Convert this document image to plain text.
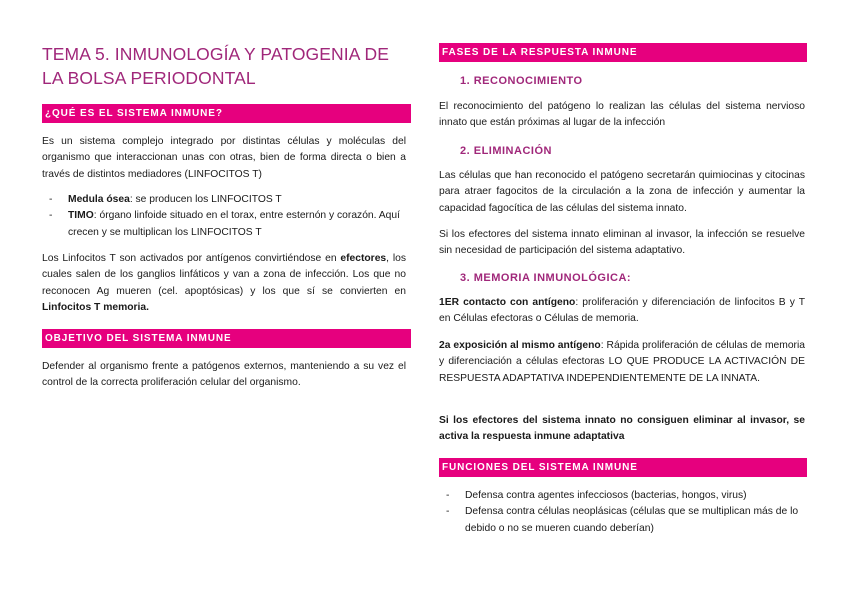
TEMA 5. INMUNOLOGÍA Y PATOGENIA DE LA BOLSA PERIODONTAL
¿QUÉ ES EL SISTEMA INMUNE?

Es un sistema complejo integrado por distintas células y moléculas del organismo que interaccionan unas con otras, bien de forma directa o bien a través de distintos mediadores (LINFOCITOS T)

- Medula ósea: se producen los LINFOCITOS T
- TIMO: órgano linfoide situado en el torax, entre esternón y corazón. Aquí crecen y se multiplican los LINFOCITOS T

Los Linfocitos T son activados por antígenos convirtiéndose en efectores, los cuales salen de los ganglios linfáticos y van a zona de infección. Los que no reconocen Ag mueren (cel. apoptósicas) y los que sí se convierten en Linfocitos T memoria.

OBJETIVO DEL SISTEMA INMUNE

Defender al organismo frente a patógenos externos, manteniendo a su vez el control de la correcta proliferación celular del organismo.

FASES DE LA RESPUESTA INMUNE
1. RECONOCIMIENTO

El reconocimiento del patógeno lo realizan las células del sistema nervioso innato que están próximas al lugar de la infección

2. ELIMINACIÓN

Las células que han reconocido el patógeno secretarán quimiocinas y citocinas para atraer fagocitos de la circulación a la zona de infección y aumentar la capacidad fagocítica de las células del sistema innato.

Si los efectores del sistema innato eliminan al invasor, la infección se resuelve sin necesidad de participación del sistema adaptativo.

3. MEMORIA INMUNOLÓGICA:

1ER contacto con antígeno: proliferación y diferenciación de linfocitos B y T en Células efectoras o Células de memoria.

2a exposición al mismo antígeno: Rápida proliferación de células de memoria y diferenciación a células efectoras LO QUE PRODUCE LA ACTIVACIÓN DE RESPUESTA ADAPTATIVA INDEPENDIENTEMENTE DE LA INNATA.

Si los efectores del sistema innato no consiguen eliminar al invasor, se activa la respuesta inmune adaptativa

FUNCIONES DEL SISTEMA INMUNE
- Defensa contra agentes infecciosos (bacterias, hongos, virus)
- Defensa contra células neoplásicas (células que se multiplican más de lo debido o no se mueren cuando deberían)
